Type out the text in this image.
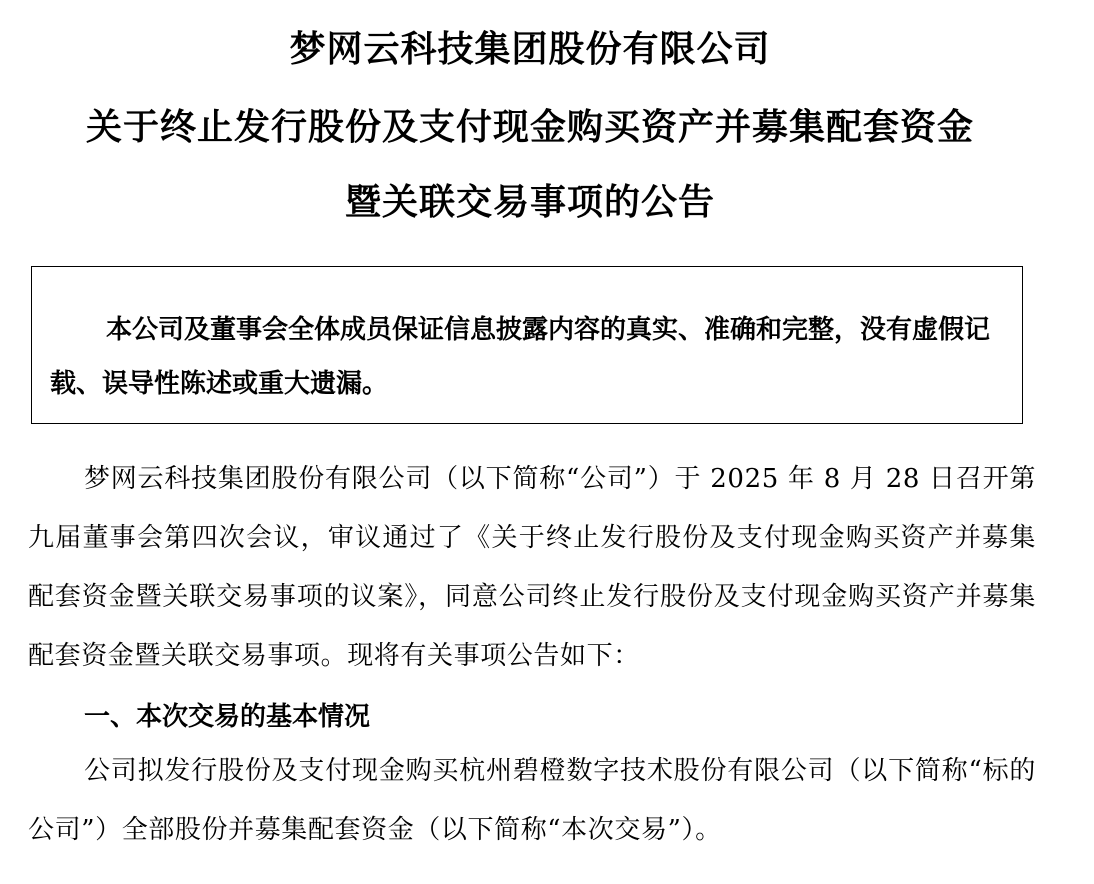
梦网云科技集团股份有限公司
关于终止发行股份及支付现金购买资产并募集配套资金
暨关联交易事项的公告

本公司及董事会全体成员保证信息披露内容的真实、准确和完整，没有虚假记载、误导性陈述或重大遗漏。

梦网云科技集团股份有限公司（以下简称“公司”）于 2025 年 8 月 28 日召开第九届董事会第四次会议，审议通过了《关于终止发行股份及支付现金购买资产并募集配套资金暨关联交易事项的议案》，同意公司终止发行股份及支付现金购买资产并募集配套资金暨关联交易事项。现将有关事项公告如下：

一、本次交易的基本情况

公司拟发行股份及支付现金购买杭州碧橙数字技术股份有限公司（以下简称“标的公司”）全部股份并募集配套资金（以下简称“本次交易”）。
